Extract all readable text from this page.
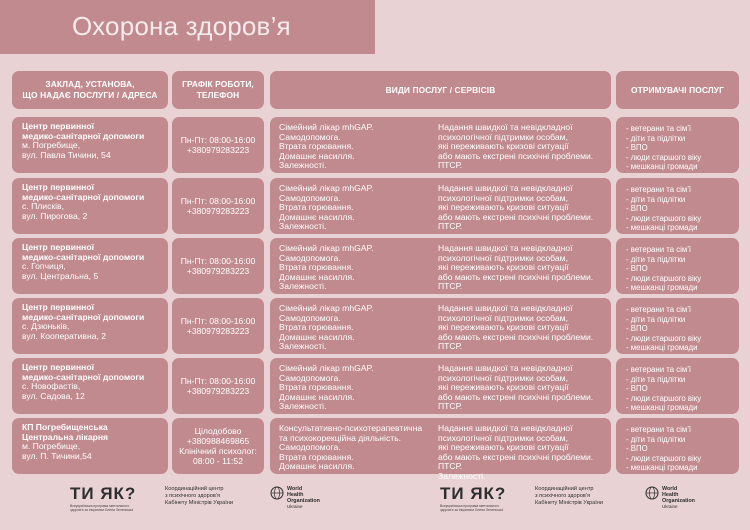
Охорона здоров’я
ЗАКЛАД, УСТАНОВА,
ЩО НАДАЄ ПОСЛУГИ / АДРЕСА
ГРАФІК РОБОТИ,
ТЕЛЕФОН
ВИДИ ПОСЛУГ / СЕРВІСІВ	ОТРИМУВАЧІ ПОСЛУГ
Центр первинної
медико-санітарної допомоги
м. Погребище,
вул. Павла Тичини, 54
Пн-Пт: 08:00-16:00
+380979283223
Сімейний лікар mhGAP.
Самодопомога.
Втрата горювання.
Домашнє насилля.
Залежності.
Надання швидкої та невідкладної
психологічної підтримки особам,
які переживають кризові ситуації
або мають екстрені психічні проблеми.
ПТСР.
- ветерани та сім’ї
- діти та підлітки
- ВПО
- люди старшого віку
- мешканці громади
Центр первинної
медико-санітарної допомоги
с. Плисків,
вул. Пирогова, 2
Пн-Пт: 08:00-16:00
+380979283223
Сімейний лікар mhGAP.
Самодопомога.
Втрата горювання.
Домашнє насилля.
Залежності.
Надання швидкої та невідкладної
психологічної підтримки особам,
які переживають кризові ситуації
або мають екстрені психічні проблеми.
ПТСР.
- ветерани та сім’ї
- діти та підлітки
- ВПО
- люди старшого віку
- мешканці громади
Центр первинної
медико-санітарної допомоги
с. Гопчиця,
вул. Центральна, 5
Пн-Пт: 08:00-16:00
+380979283223
Сімейний лікар mhGAP.
Самодопомога.
Втрата горювання.
Домашнє насилля.
Залежності.
Надання швидкої та невідкладної
психологічної підтримки особам,
які переживають кризові ситуації
або мають екстрені психічні проблеми.
ПТСР.
- ветерани та сім’ї
- діти та підлітки
- ВПО
- люди старшого віку
- мешканці громади
Центр первинної
медико-санітарної допомоги
с. Дзюньків,
вул. Кооперативна, 2
Пн-Пт: 08:00-16:00
+380979283223
Сімейний лікар mhGAP.
Самодопомога.
Втрата горювання.
Домашнє насилля.
Залежності.
Надання швидкої та невідкладної
психологічної підтримки особам,
які переживають кризові ситуації
або мають екстрені психічні проблеми.
ПТСР.
- ветерани та сім’ї
- діти та підлітки
- ВПО
- люди старшого віку
- мешканці громади
Центр первинної
медико-санітарної допомоги
с. Новофастів,
вул. Садова, 12
Пн-Пт: 08:00-16:00
+380979283223
Сімейний лікар mhGAP.
Самодопомога.
Втрата горювання.
Домашнє насилля.
Залежності.
Надання швидкої та невідкладної
психологічної підтримки особам,
які переживають кризові ситуації
або мають екстрені психічні проблеми.
ПТСР.
- ветерани та сім’ї
- діти та підлітки
- ВПО
- люди старшого віку
- мешканці громади
КП Погребищенська
Центральна лікарня
м. Погребище,
вул. П. Тичини,54
Цілодобово
+380988469865
Клінічний психолог:
08:00 - 11:52
Консультативно-психотерапевтична
та психокорекційна діяльність.
Самодопомога.
Втрата горювання.
Домашнє насилля.
Надання швидкої та невідкладної
психологічної підтримки особам,
які переживають кризові ситуації
або мають екстрені психічні проблеми.
ПТСР.
Залежності.
- ветерани та сім’ї
- діти та підлітки
- ВПО
- люди старшого віку
- мешканці громади
ТИ ЯК?
Всеукраїнська програма ментального здоров’я за ініціативи Олени Зеленської
Координаційний центр
з психічного здоров’я
Кабінету Міністрів України
World Health
Organization
Ukraine
ТИ ЯК?
Всеукраїнська програма ментального здоров’я за ініціативи Олени Зеленської
Координаційний центр
з психічного здоров’я
Кабінету Міністрів України
World Health
Organization
Ukraine
